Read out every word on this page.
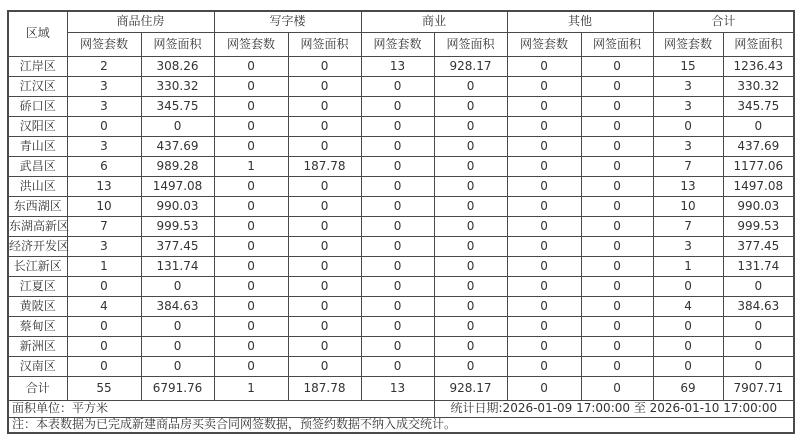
区域	商品住房		写字楼		商业		其他		合计	
	网签套数	网签面积	网签套数	网签面积	网签套数	网签面积	网签套数	网签面积	网签套数	网签面积
江岸区	2	308.26	0	0	13	928.17	0	0	15	1236.43
江汉区	3	330.32	0	0	0	0	0	0	3	330.32
硚口区	3	345.75	0	0	0	0	0	0	3	345.75
汉阳区	0	0	0	0	0	0	0	0	0	0
青山区	3	437.69	0	0	0	0	0	0	3	437.69
武昌区	6	989.28	1	187.78	0	0	0	0	7	1177.06
洪山区	13	1497.08	0	0	0	0	0	0	13	1497.08
东西湖区	10	990.03	0	0	0	0	0	0	10	990.03
东湖高新区	7	999.53	0	0	0	0	0	0	7	999.53
经济开发区	3	377.45	0	0	0	0	0	0	3	377.45
长江新区	1	131.74	0	0	0	0	0	0	1	131.74
江夏区	0	0	0	0	0	0	0	0	0	0
黄陂区	4	384.63	0	0	0	0	0	0	4	384.63
蔡甸区	0	0	0	0	0	0	0	0	0	0
新洲区	0	0	0	0	0	0	0	0	0	0
汉南区	0	0	0	0	0	0	0	0	0	0
合计	55	6791.76	1	187.78	13	928.17	0	0	69	7907.71
面积单位：平方米						统计日期:2026-01-09 17:00:00 至 2026-01-10 17:00:00				
注：本表数据为已完成新建商品房买卖合同网签数据，预签约数据不纳入成交统计。										
